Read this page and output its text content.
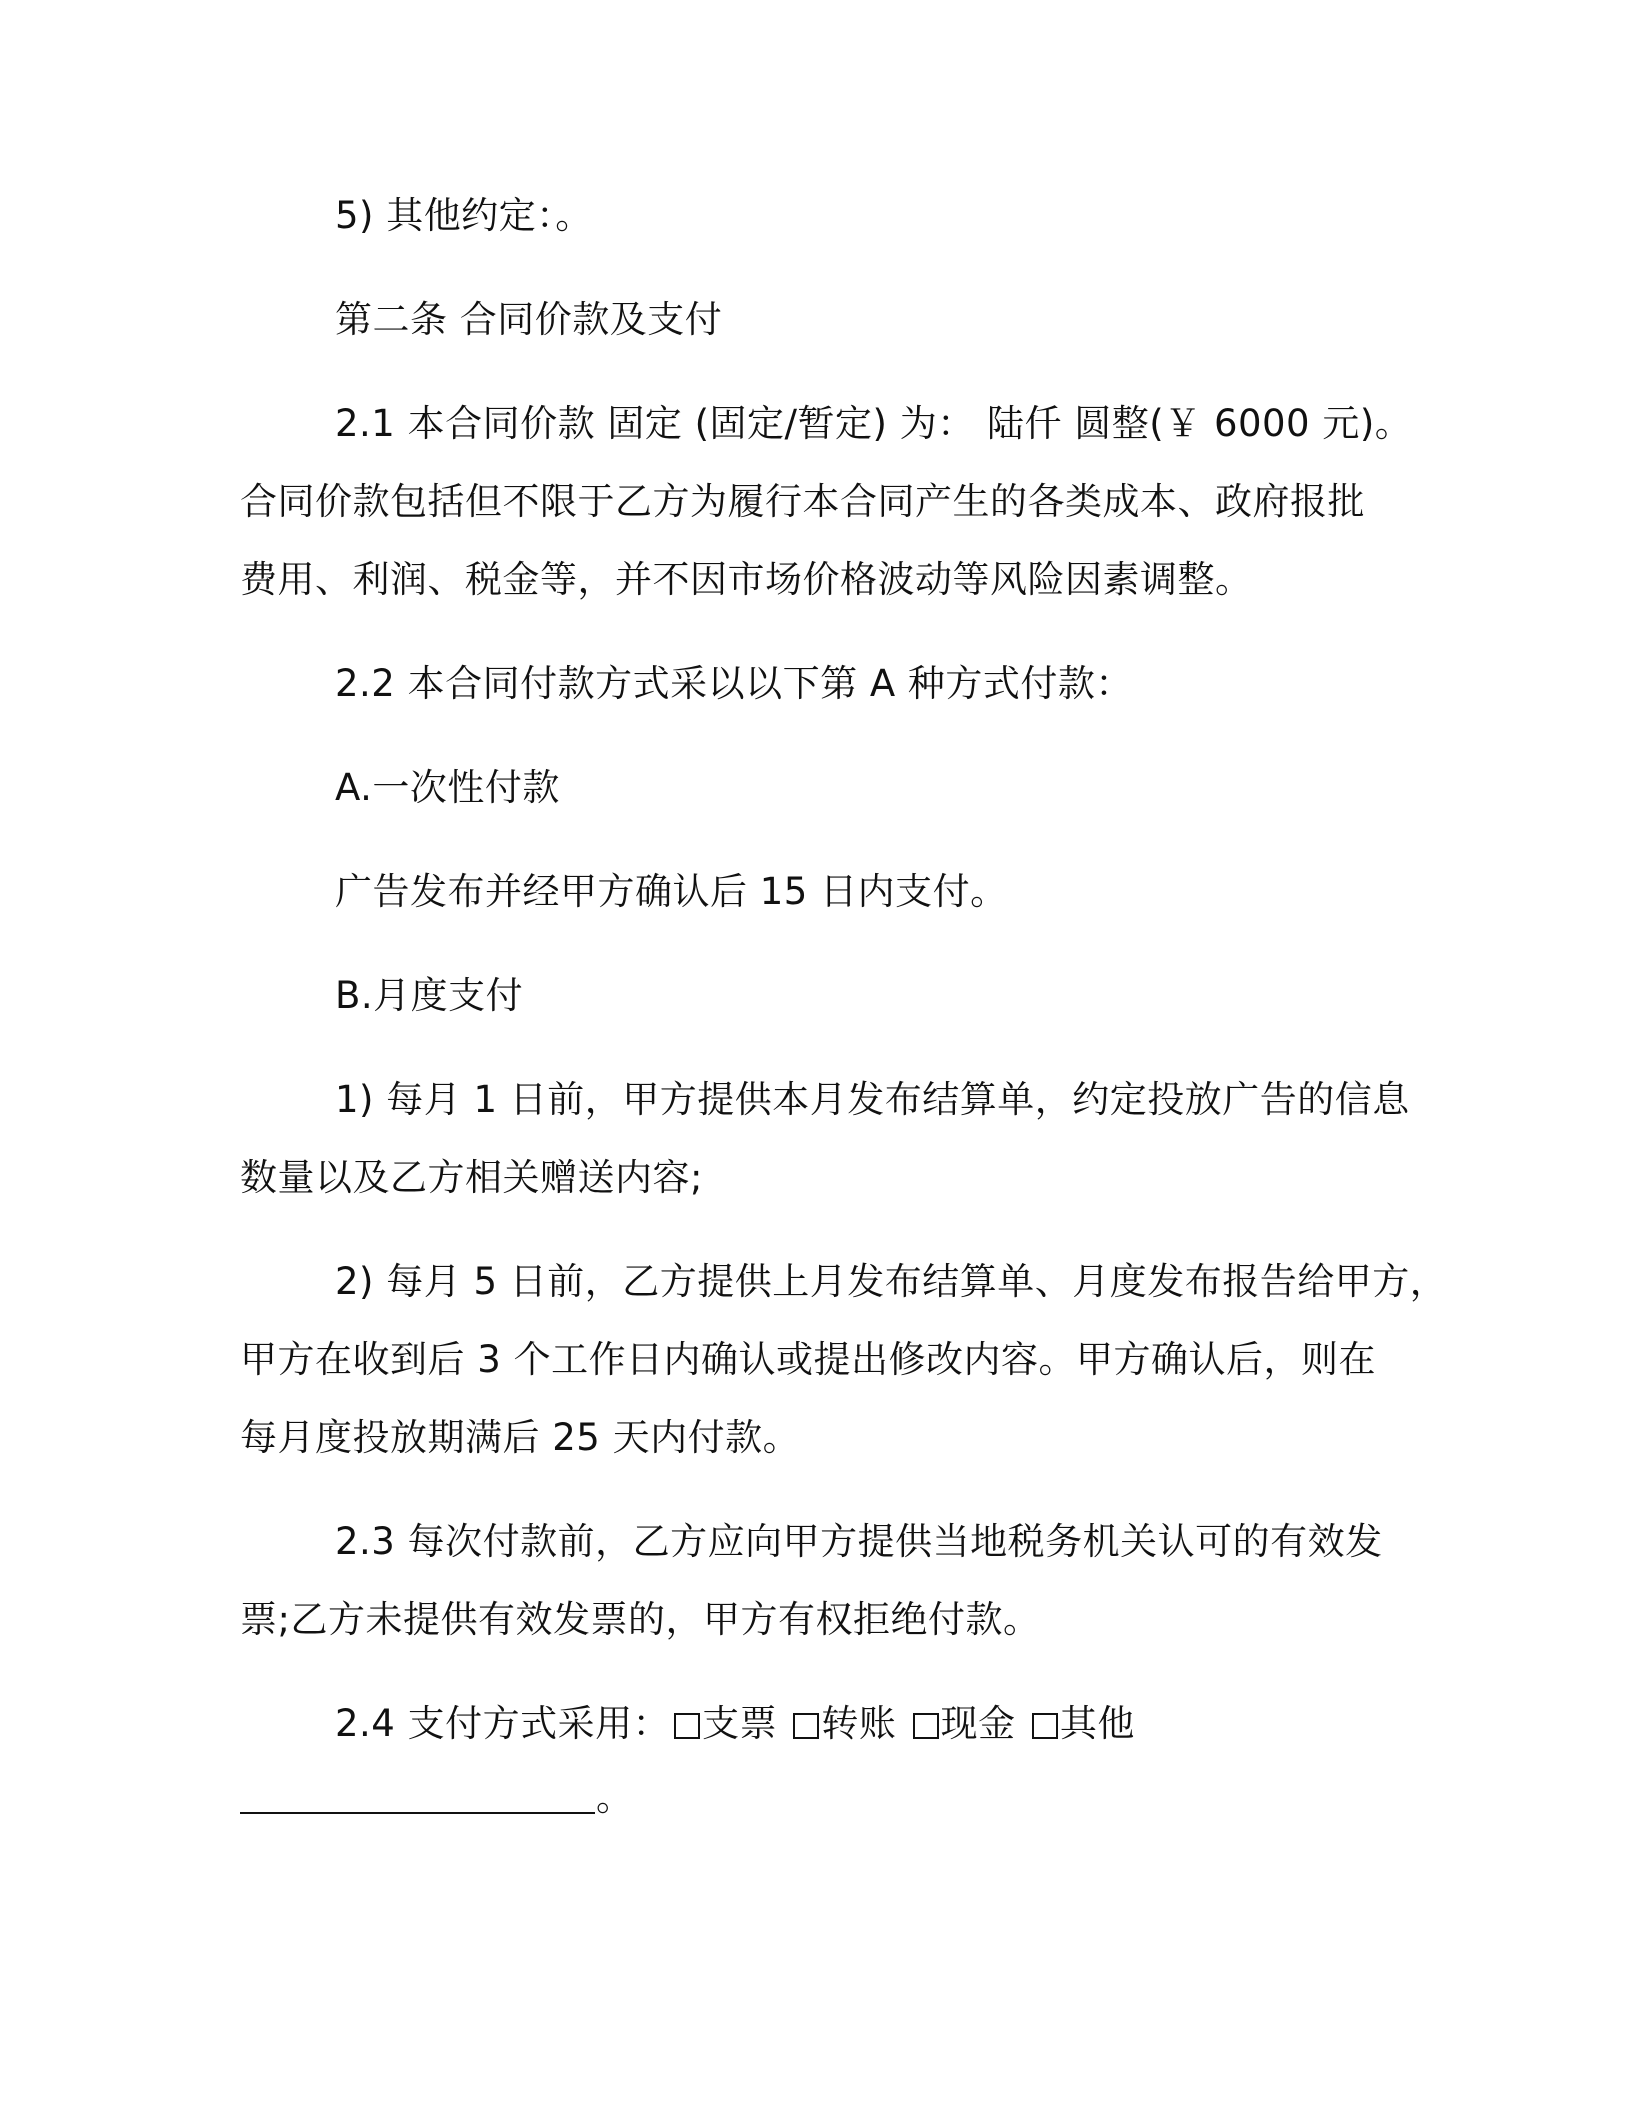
5) 其他约定：。
第二条 合同价款及支付
2.1 本合同价款 固定 (固定/暂定) 为： 陆仟 圆整(￥ 6000 元)。
合同价款包括但不限于乙方为履行本合同产生的各类成本、政府报批
费用、利润、税金等，并不因市场价格波动等风险因素调整。
2.2 本合同付款方式采以以下第 A 种方式付款：
A.一次性付款
广告发布并经甲方确认后 15 日内支付。
B.月度支付
1) 每月 1 日前，甲方提供本月发布结算单，约定投放广告的信息
数量以及乙方相关赠送内容;
2) 每月 5 日前，乙方提供上月发布结算单、月度发布报告给甲方，
甲方在收到后 3 个工作日内确认或提出修改内容。甲方确认后，则在
每月度投放期满后 25 天内付款。
2.3 每次付款前，乙方应向甲方提供当地税务机关认可的有效发
票;乙方未提供有效发票的，甲方有权拒绝付款。
2.4 支付方式采用： 支票 转账 现金 其他
。
